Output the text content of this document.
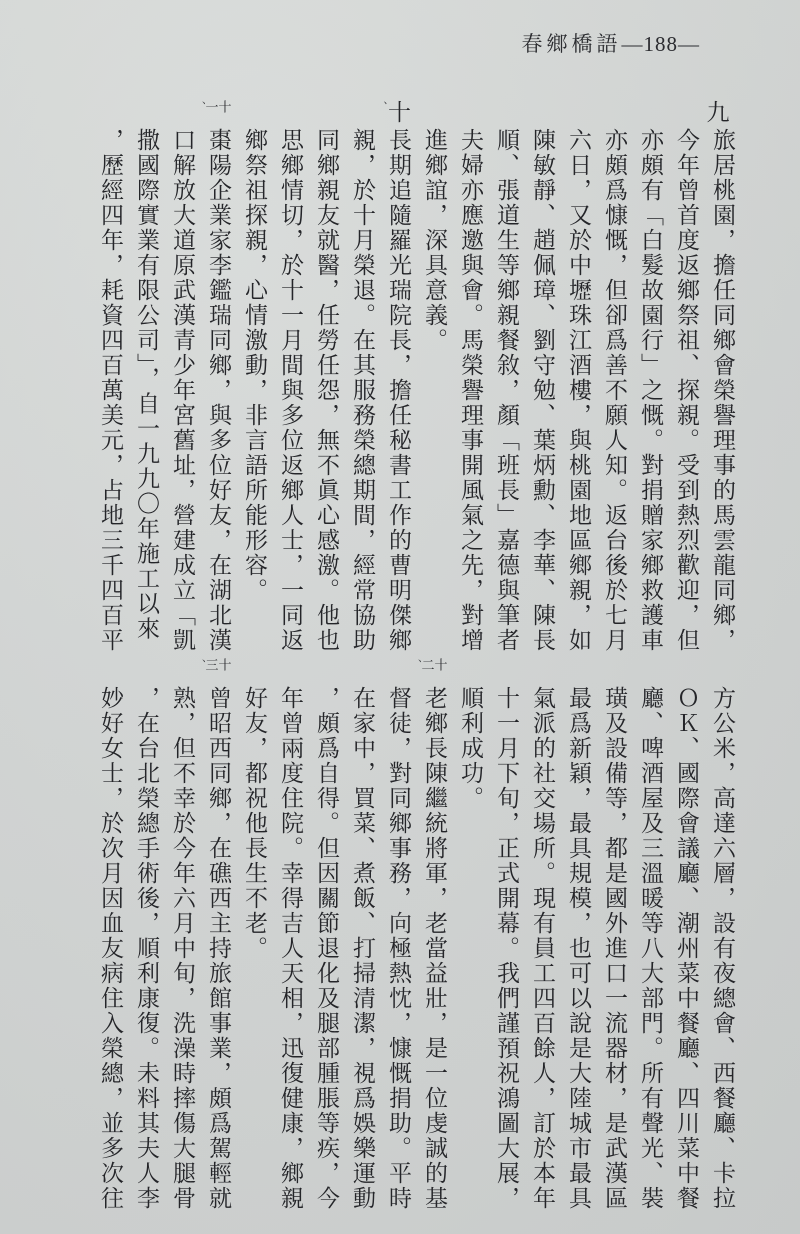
春鄉橋語—188—
九
旅居桃園，擔任同鄉會榮譽理事的馬雲龍同鄉，
今年曾首度返鄉祭祖、探親。受到熱烈歡迎，但
亦頗有「白髮故園行」之慨。對捐贈家鄉救護車
亦頗爲慷慨，但卻爲善不願人知。返台後於七月
六日，又於中壢珠江酒樓，與桃園地區鄉親，如
陳敏靜、趙佩璋、劉守勉、葉炳勳、李華、陳長
順、張道生等鄉親餐敘，顏「班長」嘉德與筆者
夫婦亦應邀與會。馬榮譽理事開風氣之先，對增
進鄉誼，深具意義。
十
、
長期追隨羅光瑞院長，擔任秘書工作的曹明傑鄉
親，於十月榮退。在其服務榮總期間，經常協助
同鄉親友就醫，任勞任怨，無不眞心感激。他也
思鄉情切，於十一月間與多位返鄉人士，一同返
鄉祭祖探親，心情激動，非言語所能形容。
十
一
、
棗陽企業家李鑑瑞同鄉，與多位好友，在湖北漢
口解放大道原武漢青少年宮舊址，營建成立「凱
撒國際實業有限公司」，自一九九〇年施工以來
，歷經四年，耗資四百萬美元，占地三千四百平
方公米，高達六層，設有夜總會、西餐廳、卡拉
ＯＫ、國際會議廳、潮州菜中餐廳、四川菜中餐
廳、啤酒屋及三溫暖等八大部門。所有聲光、裝
璜及設備等，都是國外進口一流器材，是武漢區
最爲新穎，最具規模，也可以說是大陸城市最具
氣派的社交場所。現有員工四百餘人，訂於本年
十一月下旬，正式開幕。我們謹預祝鴻圖大展，
順利成功。
十
二
、
老鄉長陳繼統將軍，老當益壯，是一位虔誠的基
督徒，對同鄉事務，向極熱忱，慷慨捐助。平時
在家中，買菜、煮飯、打掃清潔，視爲娛樂運動
，頗爲自得。但因關節退化及腿部腫脹等疾，今
年曾兩度住院。幸得吉人天相，迅復健康，鄉親
好友，都祝他長生不老。
十
三
、
曾昭西同鄉，在礁西主持旅館事業，頗爲駕輕就
熟，但不幸於今年六月中旬，洗澡時摔傷大腿骨
，在台北榮總手術後，順利康復。未料其夫人李
妙好女士，於次月因血友病住入榮總，並多次往
